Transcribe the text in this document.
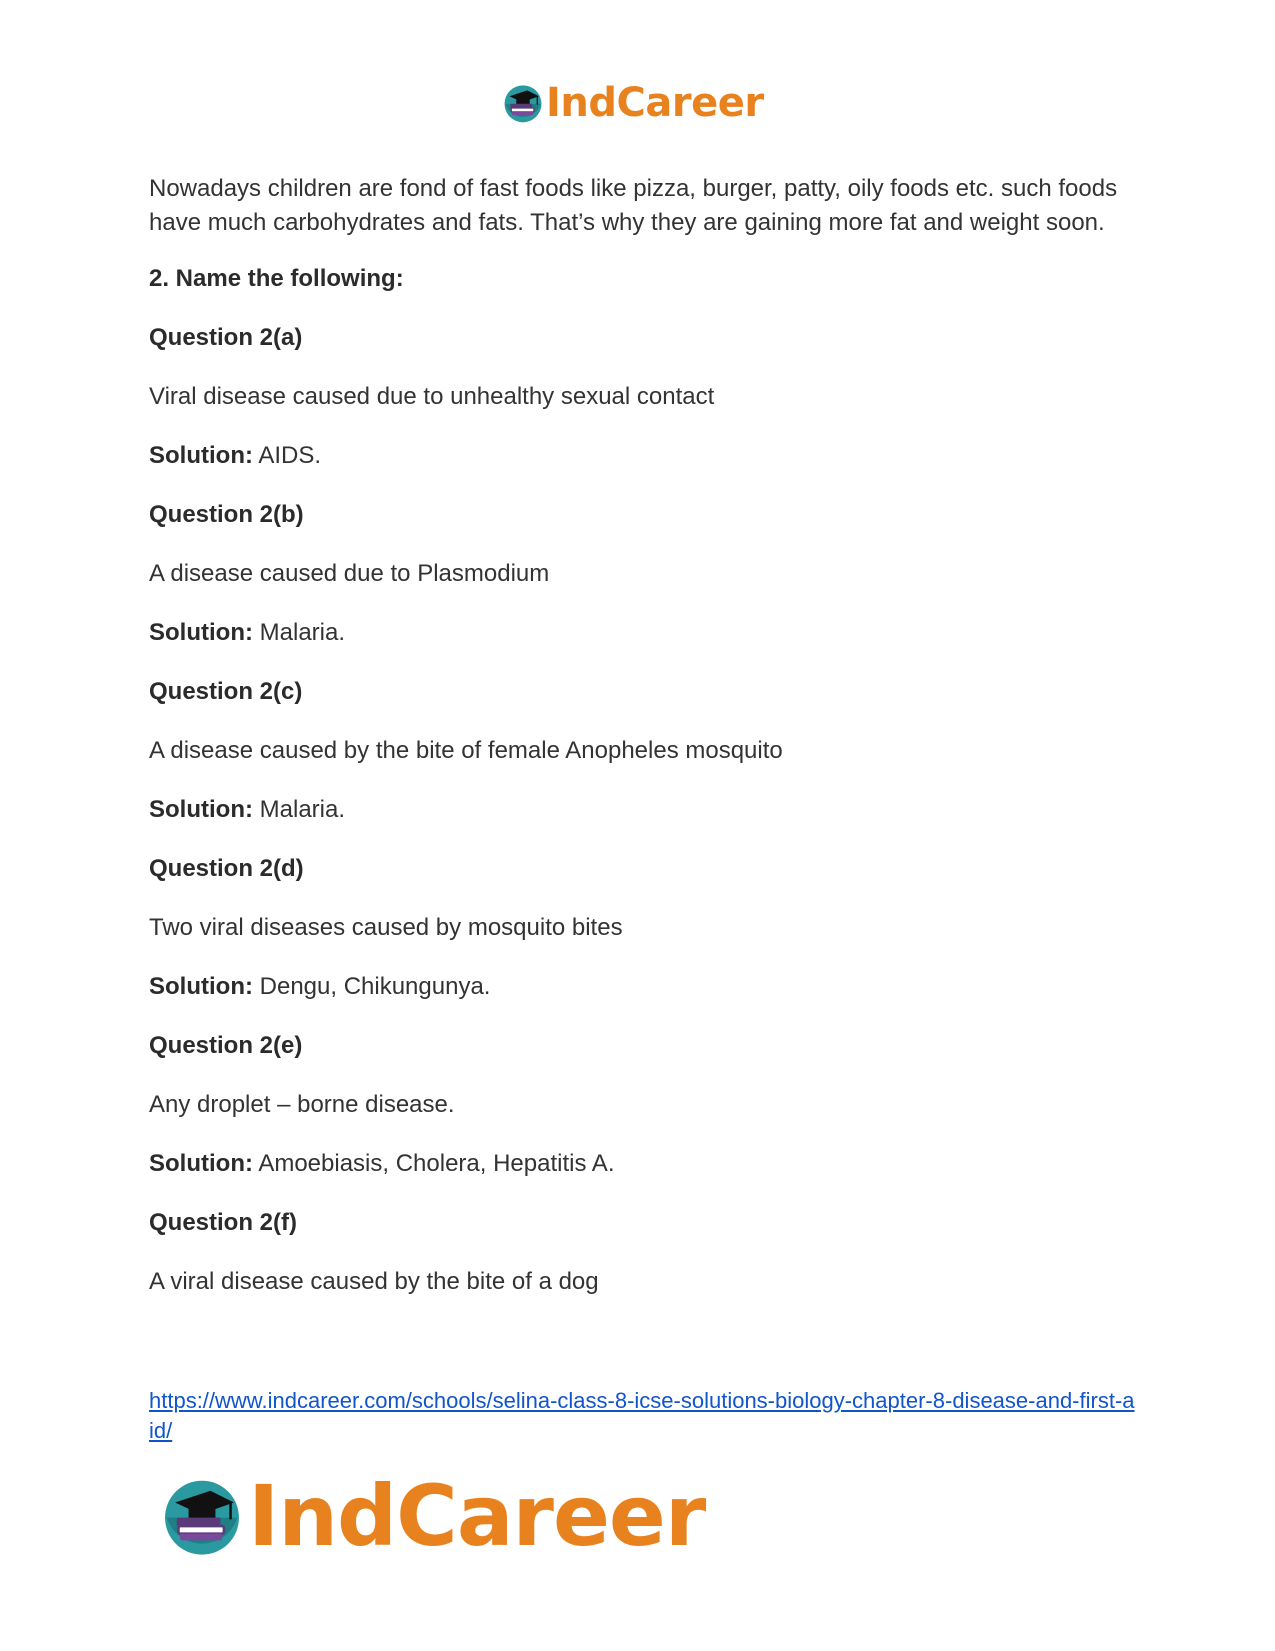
IndCareer

Nowadays children are fond of fast foods like pizza, burger, patty, oily foods etc. such foods have much carbohydrates and fats. That’s why they are gaining more fat and weight soon.

2. Name the following:

Question 2(a)

Viral disease caused due to unhealthy sexual contact

Solution: AIDS.

Question 2(b)

A disease caused due to Plasmodium

Solution: Malaria.

Question 2(c)

A disease caused by the bite of female Anopheles mosquito

Solution: Malaria.

Question 2(d)

Two viral diseases caused by mosquito bites

Solution: Dengu, Chikungunya.

Question 2(e)

Any droplet – borne disease.

Solution: Amoebiasis, Cholera, Hepatitis A.

Question 2(f)

A viral disease caused by the bite of a dog

https://www.indcareer.com/schools/selina-class-8-icse-solutions-biology-chapter-8-disease-and-first-aid/
IndCareer
